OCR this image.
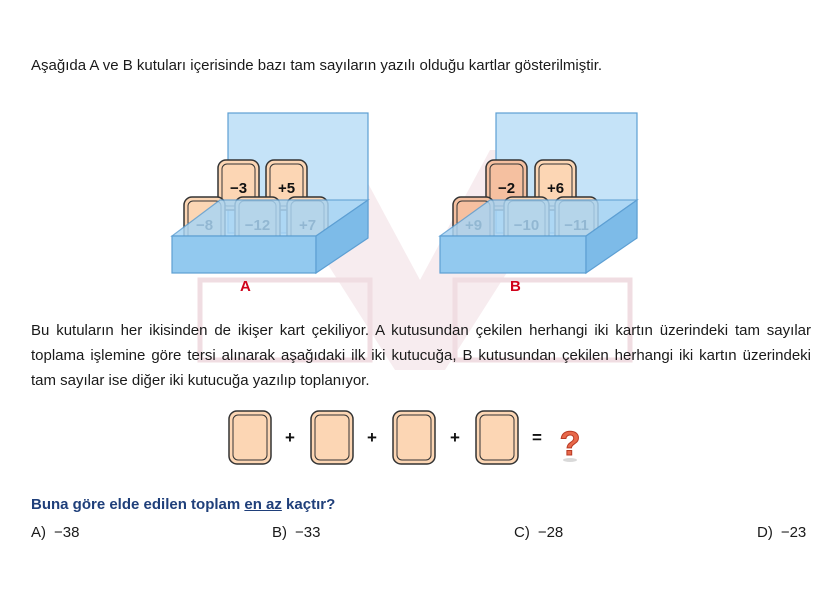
Aşağıda A ve B kutuları içerisinde bazı tam sayıların yazılı olduğu kartlar gösterilmiştir.
−3 +5
A
−2 +6
B
+	+	+	= ?
Bu kutuların her ikisinden de ikişer kart çekiliyor. A kutusundan çekilen herhangi iki kartın üzerindeki tam sayılar toplama işlemine göre tersi alınarak aşağıdaki ilk iki kutucuğa, B kutusundan çekilen herhangi iki kartın üzerindeki tam sayılar ise diğer iki kutucuğa yazılıp toplanıyor.
Buna göre elde edilen toplam en az kaçtır?
A) −38	B) −33	C) −28	D) −23
